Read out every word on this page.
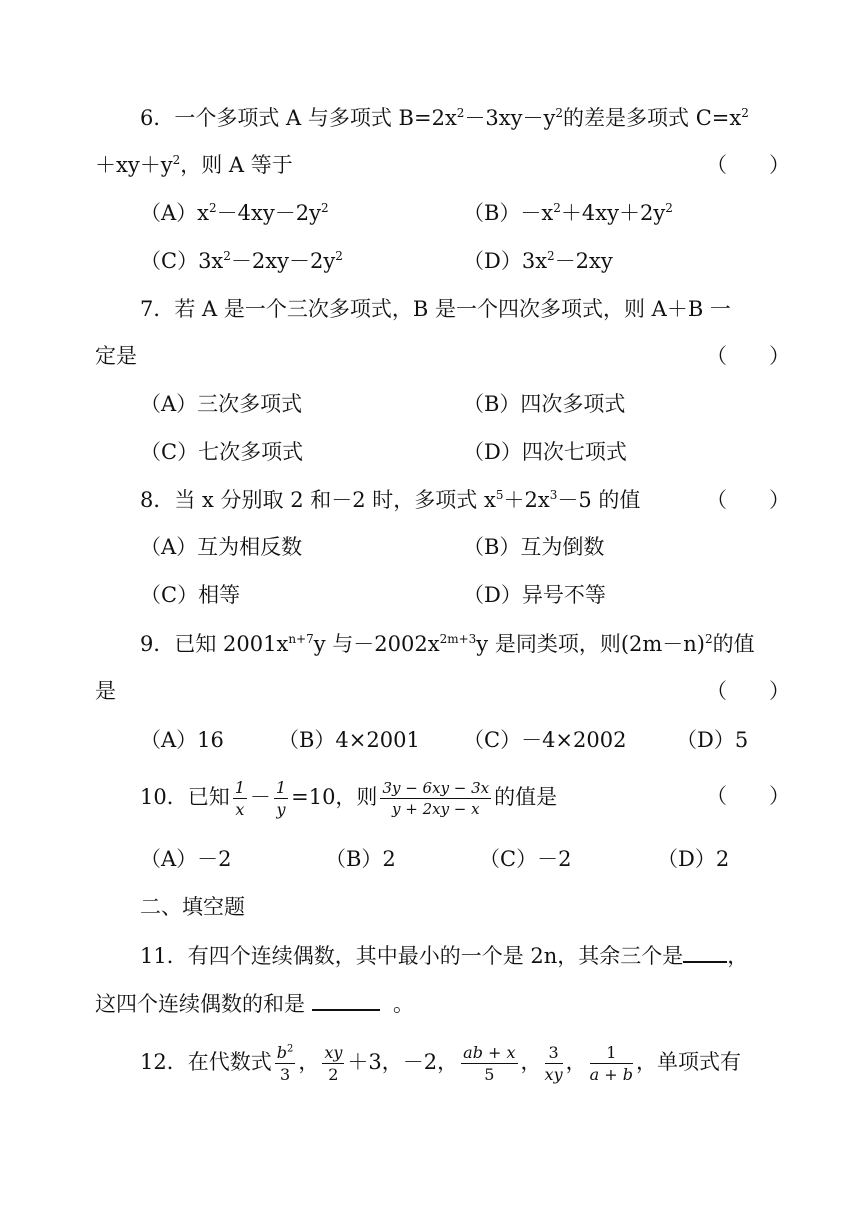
6．一个多项式 A 与多项式 $B=2x^2-3xy-y^2$的差是多项式 $C=x^2$
$+xy+y^2$，则 A 等于	（　　）
$(A)x^2-4xy-2y^2$	$(B)-x^2+4xy+2y^2$
$(C)3x^2-2xy-2y^2$	$(D)3x^2-2xy$
7．若 A 是一个三次多项式，B 是一个四次多项式，则 A＋B 一
定是	（　　）
（A）三次多项式	（B）四次多项式
（C）七次多项式	（D）四次七项式
8．当 x 分别取 2 和－2 时，多项式 $x^5+2x^3-5$ 的值	（　　）
（A）互为相反数	（B）互为倒数
（C）相等	（D）异号不等
9．已知 $2001x^{n+7}y$ 与$-2002x^{2m+3}y$ 是同类项，则$(2m-n)^2$的值
是	（　　）
（A）16	（B）4×2001 （C）－4×2002 （D）5
10．已知 $\frac{1}{x} - \frac{1}{y} =10$，则 $\frac{3y - 6xy - 3x}{y + 2xy - x}$ 的值是	（　　）
（A）－2	（B）2	（C）－2	（D）2
二、填空题
11．有四个连续偶数，其中最小的一个是 2n，其余三个是 ，
这四个连续偶数的和是	。
12．在代数式 $\frac{b^2}{3}$ ， $\frac{xy}{2} +3$，－2， $\frac{ab + x}{5}$ ， $\frac{3}{xy}$ ， $\frac{1}{a + b}$ ，单项式有
